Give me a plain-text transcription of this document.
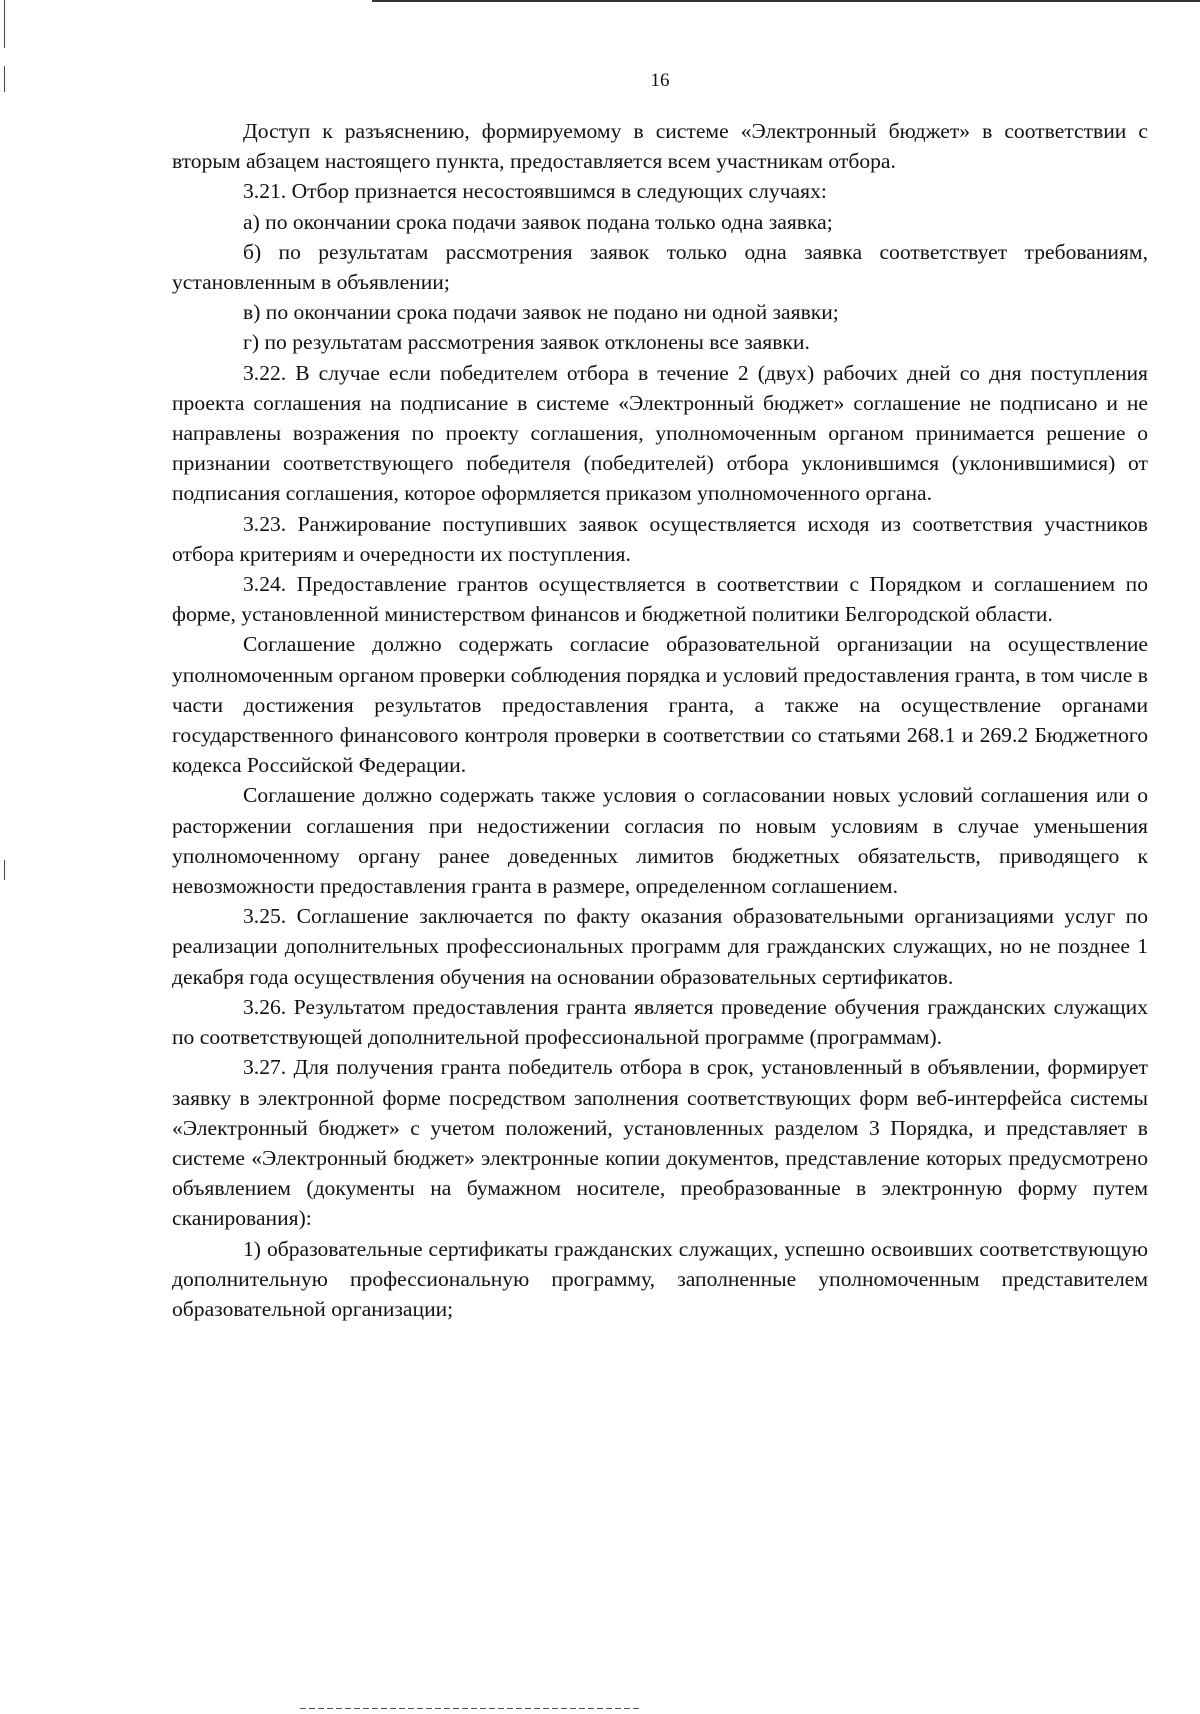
16

Доступ к разъяснению, формируемому в системе «Электронный бюджет» в соответствии с вторым абзацем настоящего пункта, предоставляется всем участникам отбора.

3.21. Отбор признается несостоявшимся в следующих случаях:

а) по окончании срока подачи заявок подана только одна заявка;

б) по результатам рассмотрения заявок только одна заявка соответствует требованиям, установленным в объявлении;

в) по окончании срока подачи заявок не подано ни одной заявки;

г) по результатам рассмотрения заявок отклонены все заявки.

3.22. В случае если победителем отбора в течение 2 (двух) рабочих дней со дня поступления проекта соглашения на подписание в системе «Электронный бюджет» соглашение не подписано и не направлены возражения по проекту соглашения, уполномоченным органом принимается решение о признании соответствующего победителя (победителей) отбора уклонившимся (уклонившимися) от подписания соглашения, которое оформляется приказом уполномоченного органа.

3.23. Ранжирование поступивших заявок осуществляется исходя из соответствия участников отбора критериям и очередности их поступления.

3.24. Предоставление грантов осуществляется в соответствии с Порядком и соглашением по форме, установленной министерством финансов и бюджетной политики Белгородской области.

Соглашение должно содержать согласие образовательной организации на осуществление уполномоченным органом проверки соблюдения порядка и условий предоставления гранта, в том числе в части достижения результатов предоставления гранта, а также на осуществление органами государственного финансового контроля проверки в соответствии со статьями 268.1 и 269.2 Бюджетного кодекса Российской Федерации.

Соглашение должно содержать также условия о согласовании новых условий соглашения или о расторжении соглашения при недостижении согласия по новым условиям в случае уменьшения уполномоченному органу ранее доведенных лимитов бюджетных обязательств, приводящего к невозможности предоставления гранта в размере, определенном соглашением.

3.25. Соглашение заключается по факту оказания образовательными организациями услуг по реализации дополнительных профессиональных программ для гражданских служащих, но не позднее 1 декабря года осуществления обучения на основании образовательных сертификатов.

3.26. Результатом предоставления гранта является проведение обучения гражданских служащих по соответствующей дополнительной профессиональной программе (программам).

3.27. Для получения гранта победитель отбора в срок, установленный в объявлении, формирует заявку в электронной форме посредством заполнения соответствующих форм веб-интерфейса системы «Электронный бюджет» с учетом положений, установленных разделом 3 Порядка, и представляет в системе «Электронный бюджет» электронные копии документов, представление которых предусмотрено объявлением (документы на бумажном носителе, преобразованные в электронную форму путем сканирования):

1) образовательные сертификаты гражданских служащих, успешно освоивших соответствующую дополнительную профессиональную программу, заполненные уполномоченным представителем образовательной организации;
